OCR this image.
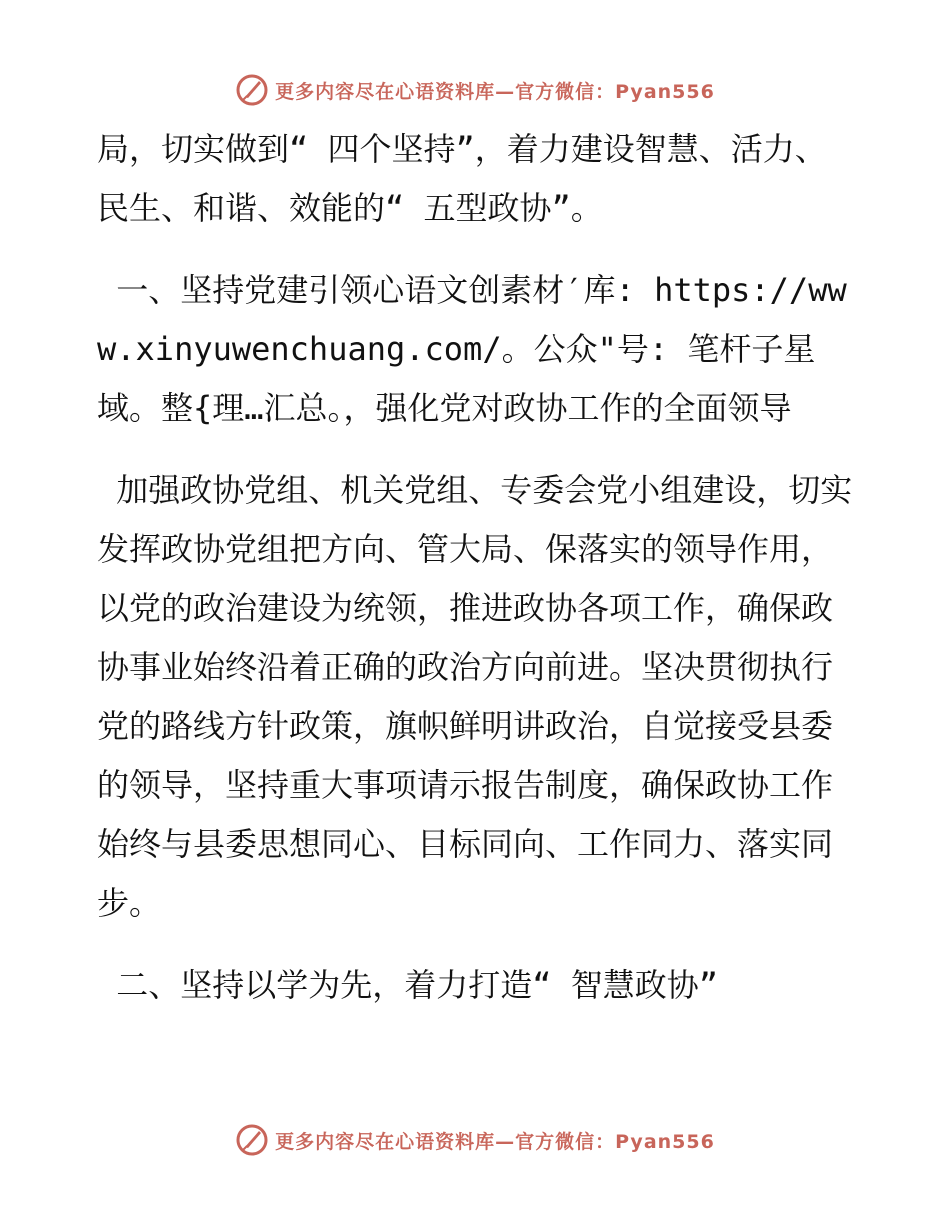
更多内容尽在心语资料库—官方微信：Pyan556

局，切实做到“ 四个坚持”，着力建设智慧、活力、民生、和谐、效能的“ 五型政协”。

一、坚持党建引领心语文创素材′库: https://www.xinyuwenchuang.com/。公众"号: 笔杆子星域。整{理…汇总。，强化党对政协工作的全面领导

加强政协党组、机关党组、专委会党小组建设，切实发挥政协党组把方向、管大局、保落实的领导作用，以党的政治建设为统领，推进政协各项工作，确保政协事业始终沿着正确的政治方向前进。坚决贯彻执行党的路线方针政策，旗帜鲜明讲政治，自觉接受县委的领导，坚持重大事项请示报告制度，确保政协工作始终与县委思想同心、目标同向、工作同力、落实同步。

二、坚持以学为先，着力打造“ 智慧政协”

更多内容尽在心语资料库—官方微信：Pyan556
